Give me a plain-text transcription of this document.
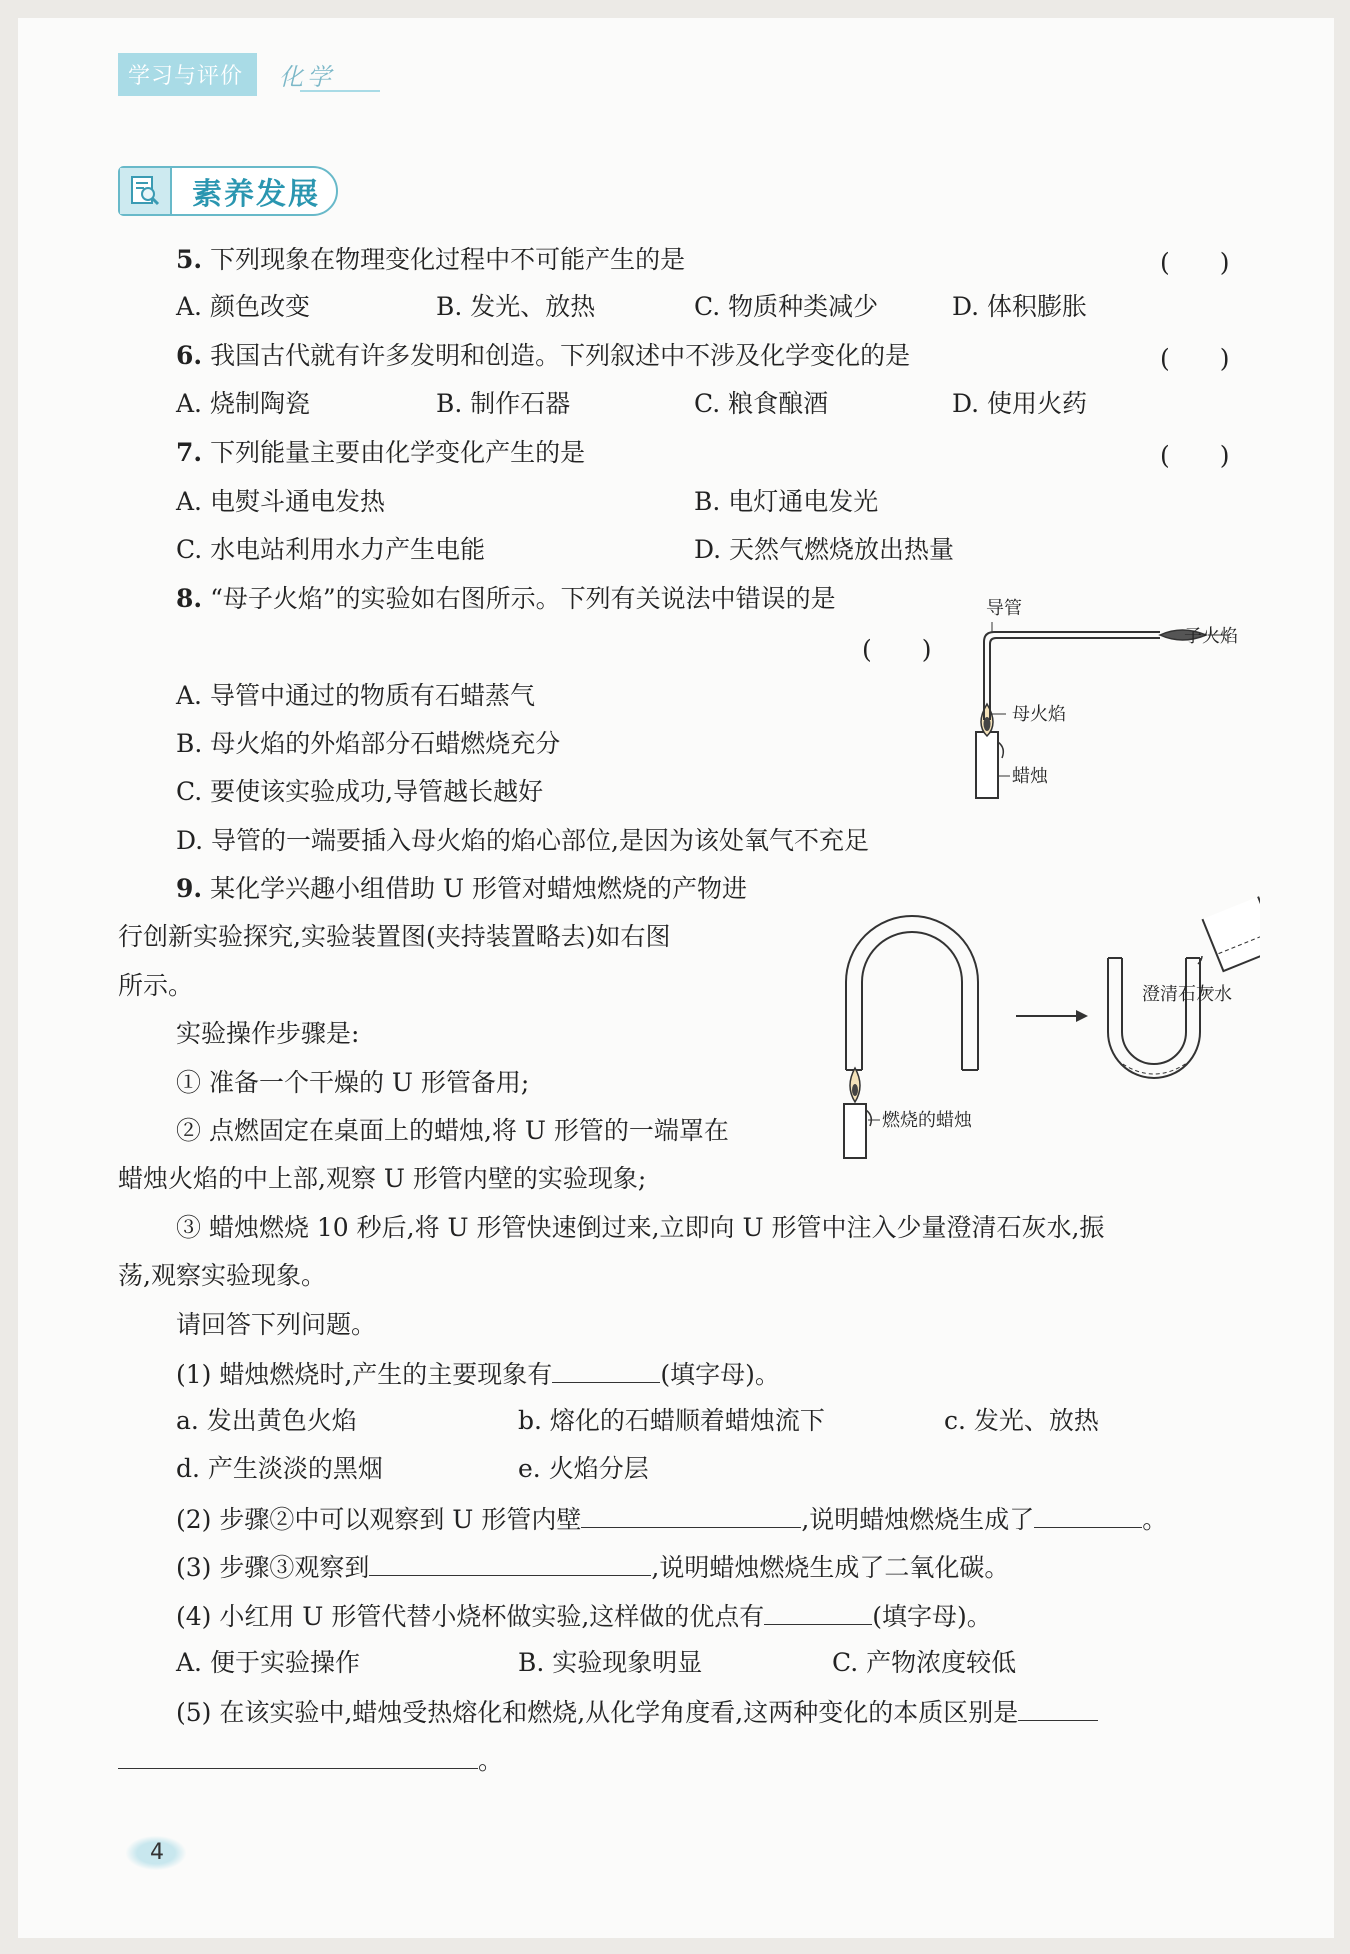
学习与评价	化学
素养发展
5. 下列现象在物理变化过程中不可能产生的是	(　　)
A. 颜色改变	B. 发光、放热	C. 物质种类减少	D. 体积膨胀
6. 我国古代就有许多发明和创造。下列叙述中不涉及化学变化的是	(　　)
A. 烧制陶瓷	B. 制作石器	C. 粮食酿酒	D. 使用火药
7. 下列能量主要由化学变化产生的是	(　　)
A. 电熨斗通电发热	B. 电灯通电发光
C. 水电站利用水力产生电能	D. 天然气燃烧放出热量
8. “母子火焰”的实验如右图所示。下列有关说法中错误的是
(　　)
A. 导管中通过的物质有石蜡蒸气
B. 母火焰的外焰部分石蜡燃烧充分
C. 要使该实验成功,导管越长越好
D. 导管的一端要插入母火焰的焰心部位,是因为该处氧气不充足
导管
子火焰
母火焰
蜡烛
9. 某化学兴趣小组借助 U 形管对蜡烛燃烧的产物进
行创新实验探究,实验装置图(夹持装置略去)如右图
所示。
实验操作步骤是:
① 准备一个干燥的 U 形管备用;
② 点燃固定在桌面上的蜡烛,将 U 形管的一端罩在
蜡烛火焰的中上部,观察 U 形管内壁的实验现象;
③ 蜡烛燃烧 10 秒后,将 U 形管快速倒过来,立即向 U 形管中注入少量澄清石灰水,振
荡,观察实验现象。
请回答下列问题。
燃烧的蜡烛
澄清石灰水
(1) 蜡烛燃烧时,产生的主要现象有	(填字母)。
a. 发出黄色火焰	b. 熔化的石蜡顺着蜡烛流下	c. 发光、放热
d. 产生淡淡的黑烟	e. 火焰分层
(2) 步骤②中可以观察到 U 形管内壁	,说明蜡烛燃烧生成了	。
(3) 步骤③观察到	,说明蜡烛燃烧生成了二氧化碳。
(4) 小红用 U 形管代替小烧杯做实验,这样做的优点有	(填字母)。
A. 便于实验操作	B. 实验现象明显	C. 产物浓度较低
(5) 在该实验中,蜡烛受热熔化和燃烧,从化学角度看,这两种变化的本质区别是
。
4
